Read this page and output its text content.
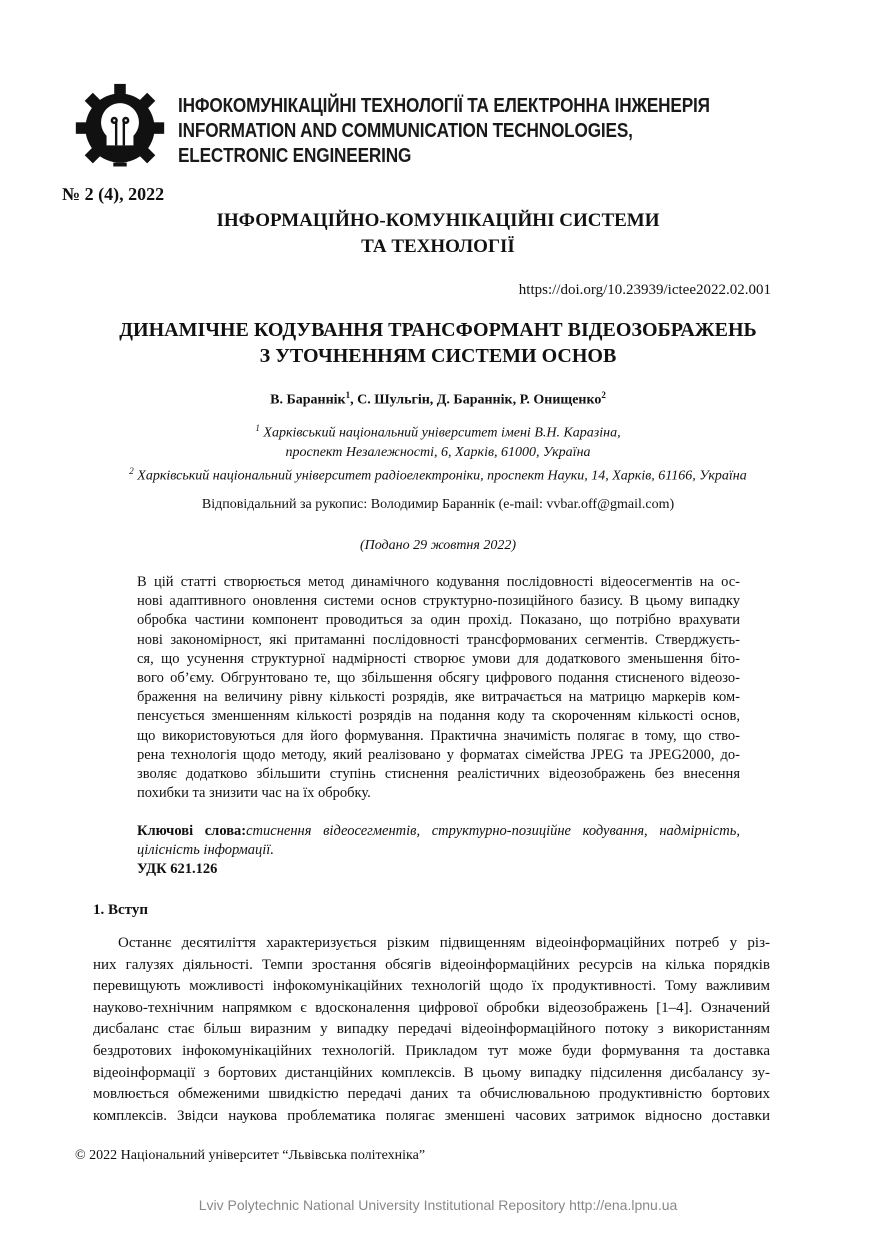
ІНФОКОМУНІКАЦІЙНІ ТЕХНОЛОГІЇ ТА ЕЛЕКТРОННА ІНЖЕНЕРІЯ
INFORMATION AND COMMUNICATION TECHNOLOGIES,
ELECTRONIC ENGINEERING
№ 2 (4), 2022
ІНФОРМАЦІЙНО-КОМУНІКАЦІЙНІ СИСТЕМИ
ТА ТЕХНОЛОГІЇ
https://doi.org/10.23939/ictee2022.02.001
ДИНАМІЧНЕ КОДУВАННЯ ТРАНСФОРМАНТ ВІДЕОЗОБРАЖЕНЬ
З УТОЧНЕННЯМ СИСТЕМИ ОСНОВ
В. Бараннік$^1$, С. Шульгін, Д. Бараннік, Р. Онищенко$^2$
$^1$ Харківський національний університет імені В.Н. Каразіна,
проспект Незалежності, 6, Харків, 61000, Україна
$^2$ Харківський національний університет радіоелектроніки, проспект Науки, 14, Харків, 61166, Україна
Відповідальний за рукопис: Володимир Бараннік (e-mail: vvbar.off@gmail.com)
(Подано 29 жовтня 2022)
В цій статті створюється метод динамічного кодування послідовності відеосегментів на ос-
нові адаптивного оновлення системи основ структурно-позиційного базису. В цьому випадку
обробка частини компонент проводиться за один прохід. Показано, що потрібно врахувати
нові закономірност, які притаманні послідовності трансформованих сегментів. Стверджуєть-
ся, що усунення структурної надмірності створює умови для додаткового зменьшення біто-
вого об’єму. Обгрунтовано те, що збільшення обсягу цифрового подання стисненого відеозо-
браження на величину рівну кількості розрядів, яке витрачається на матрицю маркерів ком-
пенсується зменшенням кількості розрядів на подання коду та скороченням кількості основ,
що використовуються для його формування. Практична значимість полягає в тому, що ство-
рена технологія щодо методу, який реалізовано у форматах сімейства JPEG та JPEG2000, до-
зволяє додатково збільшити ступінь стиснення реалістичних відеозображень без внесення
похибки та знизити час на їх обробку.
Ключові слова:стиснення відеосегментів, структурно-позиційне кодування, надмірність,
цілісність інформації.
УДК 621.126
1. Вступ
Останнє десятиліття характеризується різким підвищенням відеоінформаційних потреб у різ-
них галузях діяльності. Темпи зростання обсягів відеоінформаційних ресурсів на кілька порядків
перевищують можливості інфокомунікаційних технологій щодо їх продуктивності. Тому важливим
науково-технічним напрямком є вдосконалення цифрової обробки відеозображень [1–4]. Означений
дисбаланс стає більш виразним у випадку передачі відеоінформаційного потоку з використанням
бездротових інфокомунікаційних технологій. Прикладом тут може буди формування та доставка
відеоінформації з бортових дистанційних комплексів. В цьому випадку підсилення дисбалансу зу-
мовлюється обмеженими швидкістю передачі даних та обчислювальною продуктивністю бортових
комплексів. Звідси наукова проблематика полягає зменшені часових затримок відносно доставки
© 2022 Національний університет “Львівська політехніка”
Lviv Polytechnic National University Institutional Repository http://ena.lpnu.ua
